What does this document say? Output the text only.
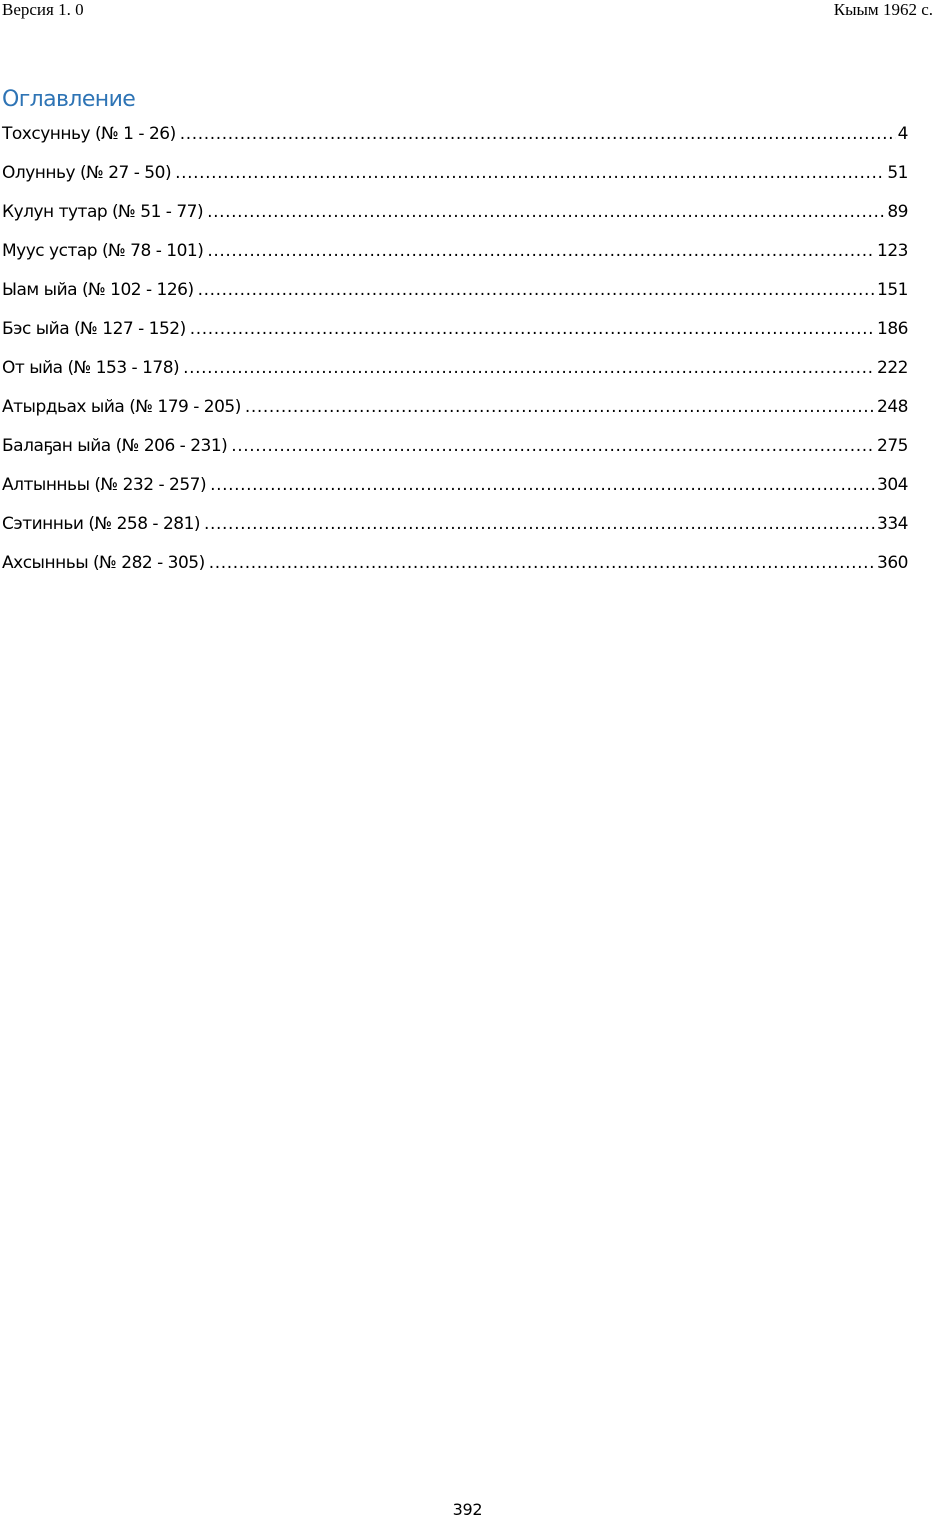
Версия 1. 0	Кыым 1962 с.
Оглавление
Тохсунньу (№ 1 - 26) .....	4
Олунньу (№ 27 - 50) .....	51
Кулун тутар (№ 51 - 77) .....	89
Муус устар (№ 78 - 101) .....	123
Ыам ыйа (№ 102 - 126) .....	151
Бэс ыйа (№ 127 - 152) .....	186
От ыйа (№ 153 - 178) .....	222
Атырдьах ыйа (№ 179 - 205) .....	248
Балаҕан ыйа (№ 206 - 231) .....	275
Алтынньы (№ 232 - 257) .....	304
Сэтинньи (№ 258 - 281) .....	334
Ахсынньы (№ 282 - 305) .....	360
392
